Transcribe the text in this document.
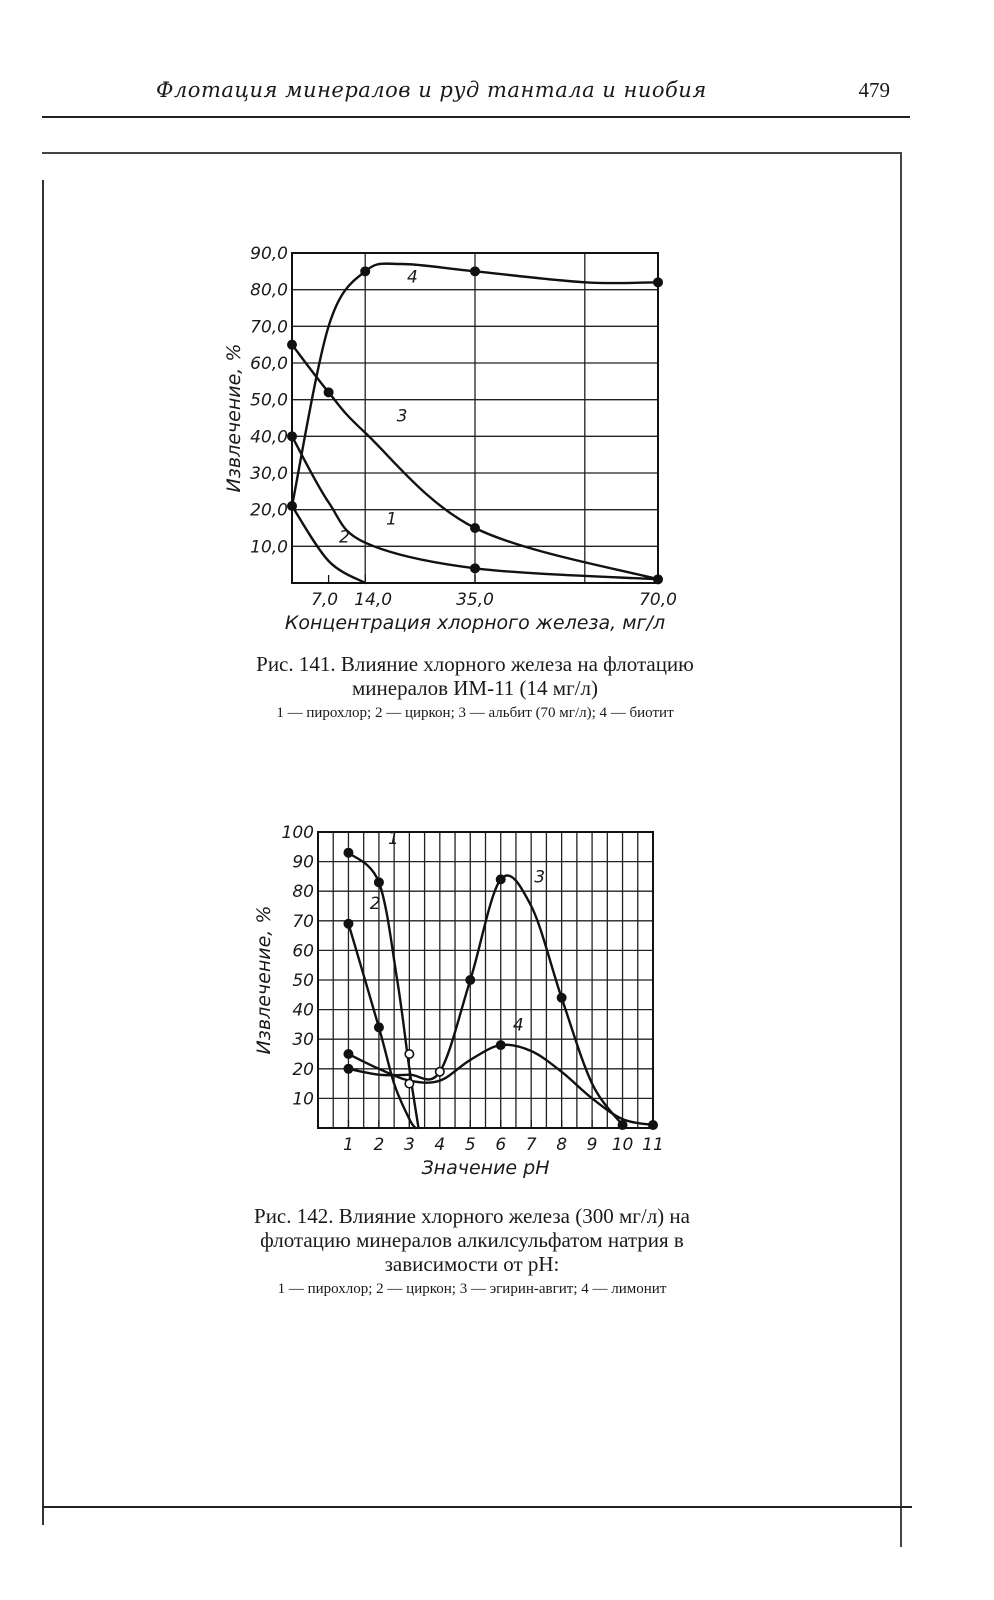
Флотация минералов и руд тантала и ниобия	479
10,0
20,0
30,0
40,0
50,0
60,0
70,0
80,0
90,0
7,0 14,0	35,0	70,0
Концентрация хлорного железа, мг/л
Извлечение, %
1
2
3
4
Рис. 141. Влияние хлорного железа на флотацию минералов ИМ-11 (14 мг/л)
1 — пирохлор; 2 — циркон; 3 — альбит (70 мг/л); 4 — биотит
10
20
30
40
50
60
70
80
90
100
1 2 3 4 5 6 7 8 9 10 11
Значение pH
Извлечение, %
1
2
3
4
Рис. 142. Влияние хлорного железа (300 мг/л) на флотацию минералов алкилсульфатом натрия в зависимости от pH:
1 — пирохлор; 2 — циркон; 3 — эгирин-авгит; 4 — лимонит
